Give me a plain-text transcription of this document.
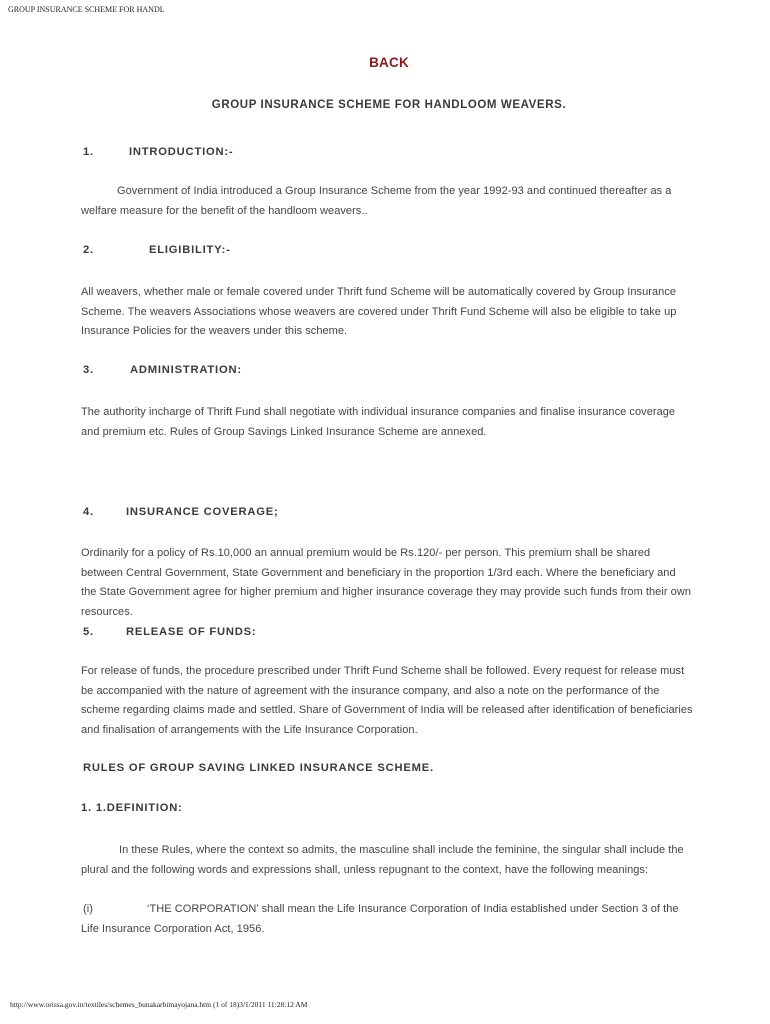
GROUP INSURANCE SCHEME FOR HANDL
BACK
GROUP INSURANCE SCHEME FOR HANDLOOM WEAVERS.
1.	INTRODUCTION:-
Government of India introduced a Group Insurance Scheme from the year 1992-93 and continued thereafter as a welfare measure for the benefit of the handloom weavers..
2.	ELIGIBILITY:-
All weavers, whether male or female covered under Thrift fund Scheme will be automatically covered by Group Insurance Scheme. The weavers Associations whose weavers are covered under Thrift Fund Scheme will also be eligible to take up Insurance Policies for the weavers under this scheme.
3.	ADMINISTRATION:
The authority incharge of Thrift Fund shall negotiate with individual insurance companies and finalise insurance coverage and premium etc. Rules of Group Savings Linked Insurance Scheme are annexed.
4.	INSURANCE COVERAGE;
Ordinarily for a policy of Rs.10,000 an annual premium would be Rs.120/- per person. This premium shall be shared between Central Government, State Government and beneficiary in the proportion 1/3rd each. Where the beneficiary and the State Government agree for higher premium and higher insurance coverage they may provide such funds from their own resources.
5.	RELEASE OF FUNDS:
For release of funds, the procedure prescribed under Thrift Fund Scheme shall be followed. Every request for release must be accompanied with the nature of agreement with the insurance company, and also a note on the performance of the scheme regarding claims made and settled. Share of Government of India will be released after identification of beneficiaries and finalisation of arrangements with the Life Insurance Corporation.
RULES OF GROUP SAVING LINKED INSURANCE SCHEME.
1. 1.DEFINITION:
In these Rules, where the context so admits, the masculine shall include the feminine, the singular shall include the plural and the following words and expressions shall, unless repugnant to the context, have the following meanings:
(i)	‘THE CORPORATION’ shall mean the Life Insurance Corporation of India established under Section 3 of the Life Insurance Corporation Act, 1956.
http://www.orissa.gov.in/textiles/schemes_bunakarbimayojana.htm (1 of 18)3/1/2011 11:28:12 AM
